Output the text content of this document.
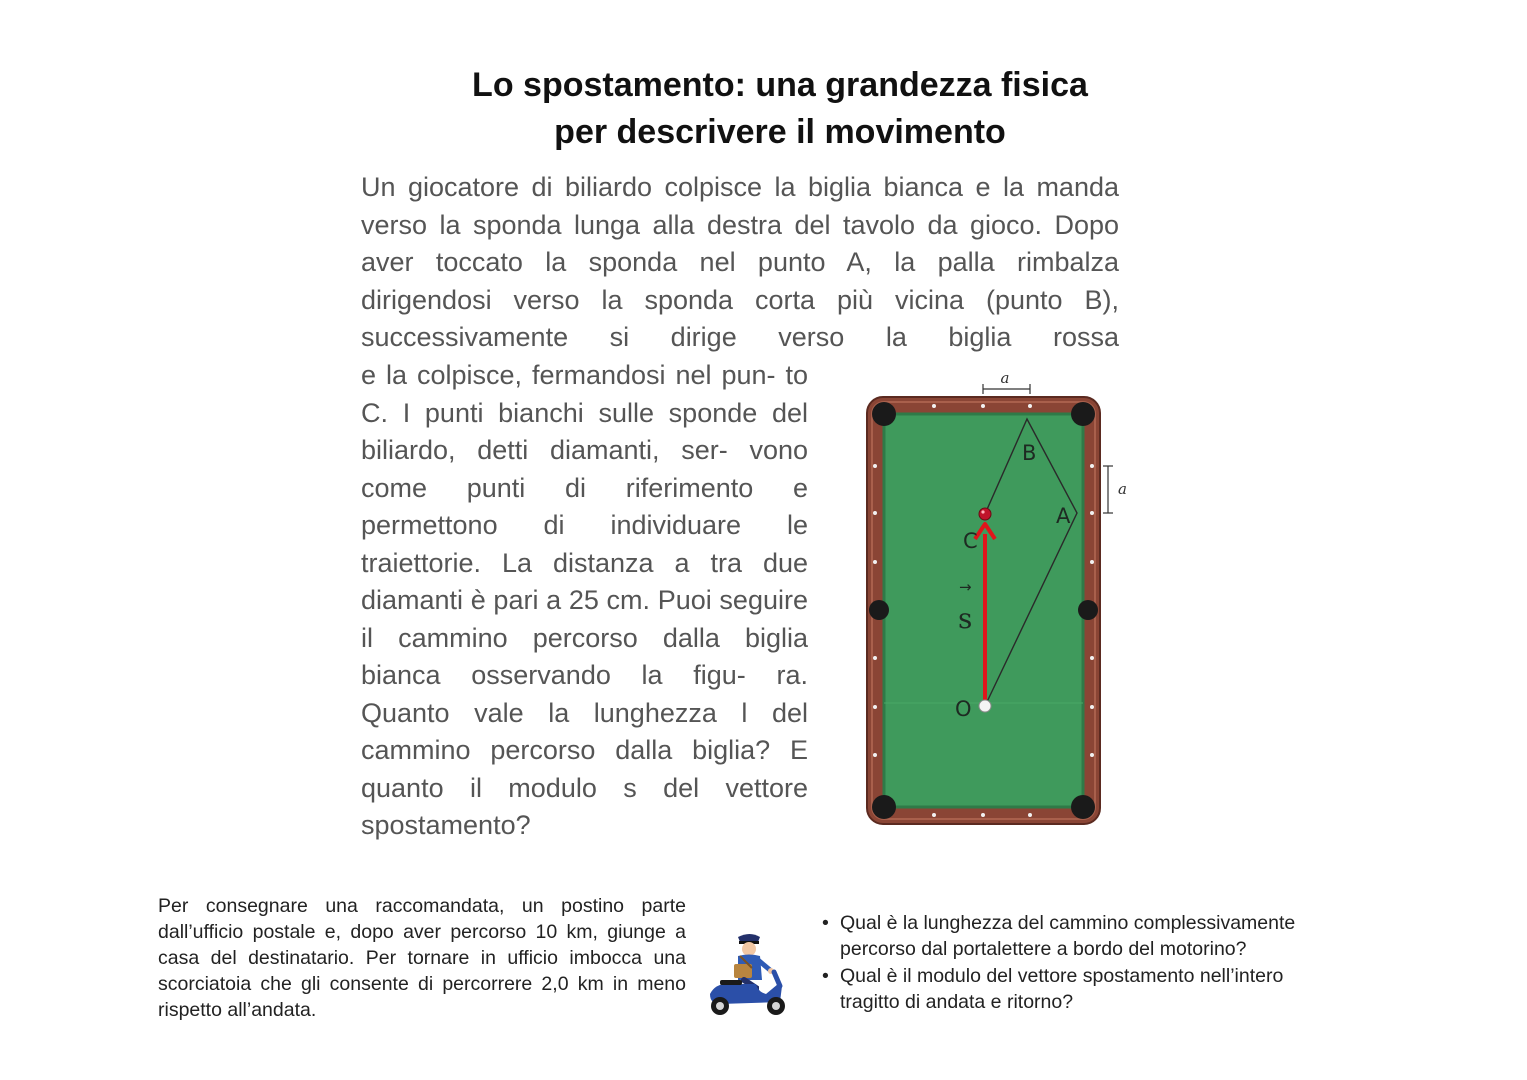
Lo spostamento: una grandezza fisica
per descrivere il movimento

Un giocatore di biliardo colpisce la biglia bianca e la manda verso la sponda lunga alla destra del tavolo da gioco. Dopo aver toccato la sponda nel punto A, la palla rimbalza dirigendosi verso la sponda corta più vicina (punto B), successivamente si dirige verso la biglia rossa

e la colpisce, fermandosi nel pun- to C. I punti bianchi sulle sponde del biliardo, detti diamanti, ser- vono come punti di riferimento e permettono di individuare le traiettorie. La distanza a tra due diamanti è pari a 25 cm. Puoi seguire il cammino percorso dalla biglia bianca osservando la figu- ra. Quanto vale la lunghezza l del cammino percorso dalla biglia? E quanto il modulo s del vettore

spostamento?

a
a
B
A
C
O
→
s

Per consegnare una raccomandata, un postino parte dall’ufficio postale e, dopo aver percorso 10 km, giunge a casa del destinatario. Per tornare in ufficio imbocca una scorciatoia che gli consente di percorrere 2,0 km in meno rispetto all’andata.

• Qual è la lunghezza del cammino complessivamente percorso dal portalettere a bordo del motorino?
• Qual è il modulo del vettore spostamento nell’intero tragitto di andata e ritorno?
